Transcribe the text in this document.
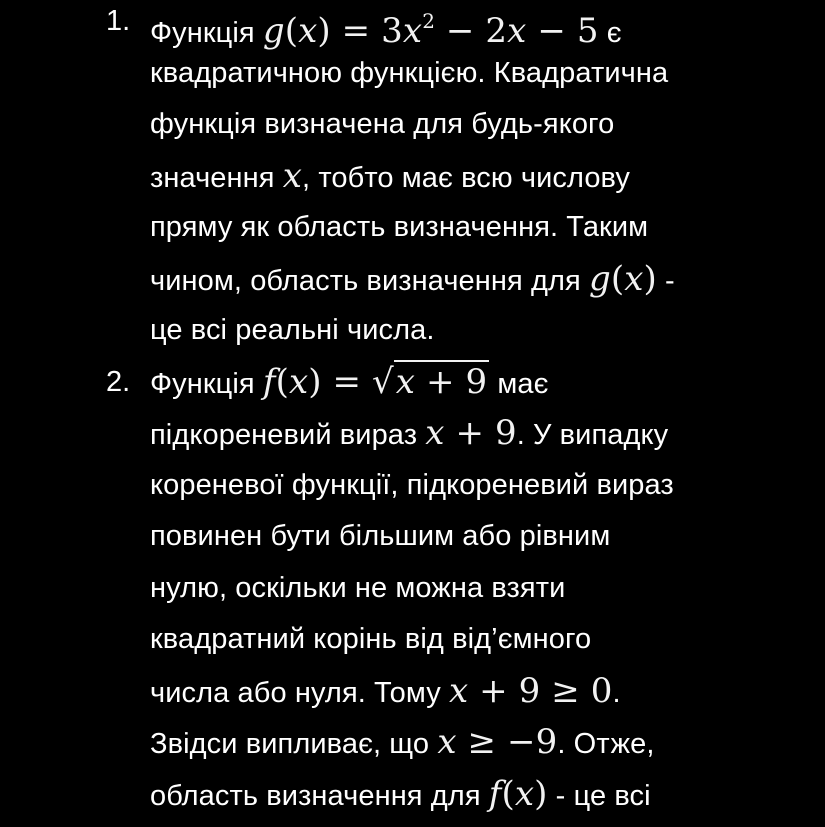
1. Функція $g(x) = 3x^2 - 2x - 5$ є
квадратичною функцією. Квадратична
функція визначена для будь-якого
значення x, тобто має всю числову
пряму як область визначення. Таким
чином, область визначення для g(x) -
це всі реальні числа.
2. Функція f(x) = √x + 9 має
підкореневий вираз x + 9. У випадку
кореневої функції, підкореневий вираз
повинен бути більшим або рівним
нулю, оскільки не можна взяти
квадратний корінь від від’ємного
числа або нуля. Тому x + 9 ≥ 0.
Звідси випливає, що x ≥ −9. Отже,
область визначення для f(x) - це всі
